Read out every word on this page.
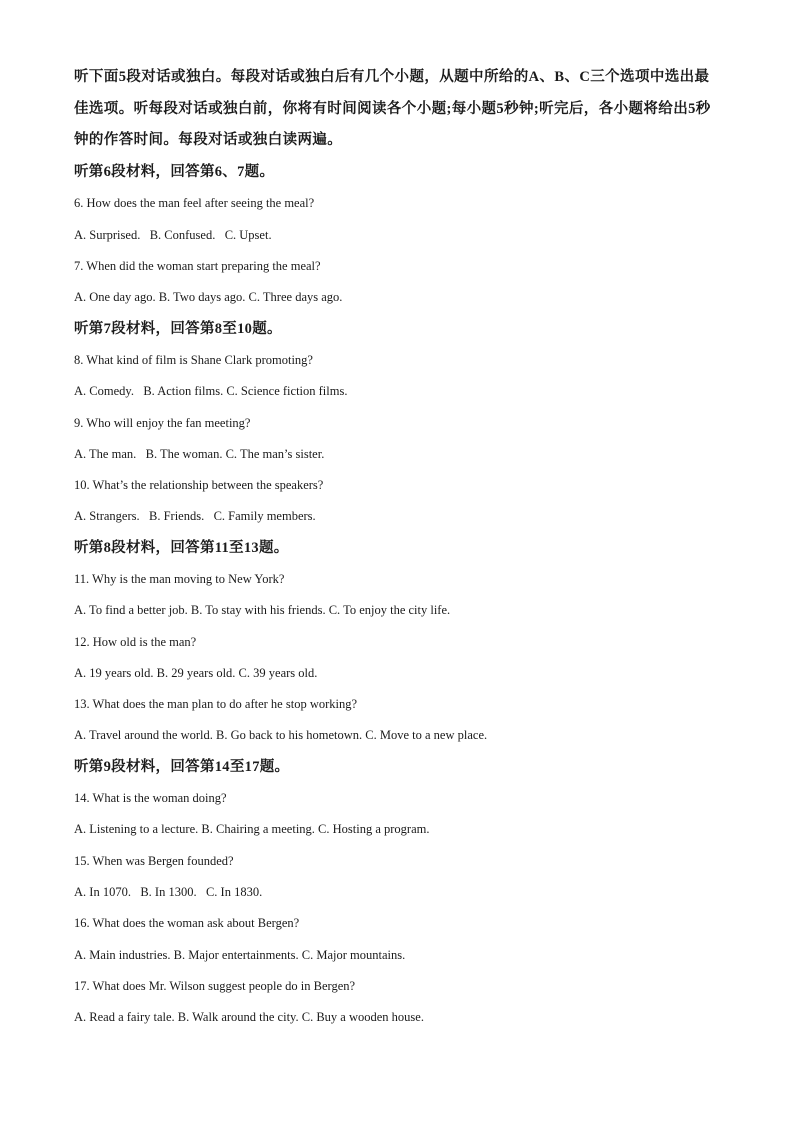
听下面5段对话或独白。每段对话或独白后有几个小题，从题中所给的A、B、C三个选项中选出最佳选项。听每段对话或独白前，你将有时间阅读各个小题;每小题5秒钟;听完后，各小题将给出5秒钟的作答时间。每段对话或独白读两遍。

听第6段材料，回答第6、7题。

6. How does the man feel after seeing the meal?

A. Surprised.   B. Confused.   C. Upset.

7. When did the woman start preparing the meal?

A. One day ago. B. Two days ago. C. Three days ago.

听第7段材料，回答第8至10题。

8. What kind of film is Shane Clark promoting?

A. Comedy.   B. Action films. C. Science fiction films.

9. Who will enjoy the fan meeting?

A. The man.   B. The woman. C. The man’s sister.

10. What’s the relationship between the speakers?

A. Strangers.   B. Friends.   C. Family members.

听第8段材料，回答第11至13题。

11. Why is the man moving to New York?

A. To find a better job. B. To stay with his friends. C. To enjoy the city life.

12. How old is the man?

A. 19 years old. B. 29 years old. C. 39 years old.

13. What does the man plan to do after he stop working?

A. Travel around the world. B. Go back to his hometown. C. Move to a new place.

听第9段材料，回答第14至17题。

14. What is the woman doing?

A. Listening to a lecture. B. Chairing a meeting. C. Hosting a program.

15. When was Bergen founded?

A. In 1070.   B. In 1300.   C. In 1830.

16. What does the woman ask about Bergen?

A. Main industries. B. Major entertainments. C. Major mountains.

17. What does Mr. Wilson suggest people do in Bergen?

A. Read a fairy tale. B. Walk around the city. C. Buy a wooden house.
